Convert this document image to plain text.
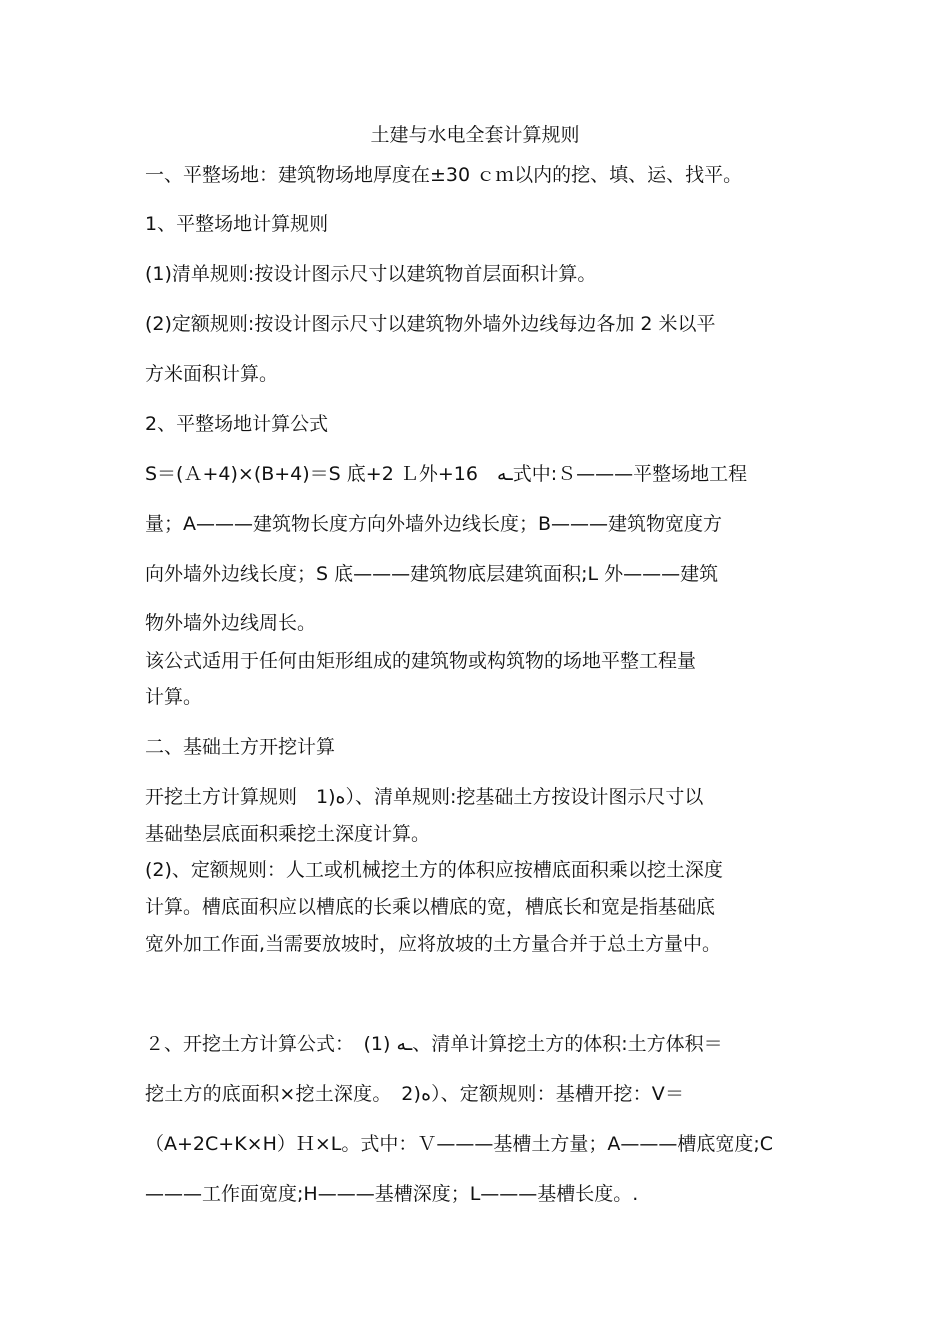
土建与水电全套计算规则
一、平整场地：建筑物场地厚度在±30 ｃｍ以内的挖、填、运、找平。
1、平整场地计算规则
(1)清单规则:按设计图示尺寸以建筑物首层面积计算。
(2)定额规则:按设计图示尺寸以建筑物外墙外边线每边各加 2 米以平
方米面积计算。
2、平整场地计算公式
S＝(Ａ+4)×(B+4)＝S 底+2 Ｌ外+16　ـه式中:Ｓ———平整场地工程
量；A———建筑物长度方向外墙外边线长度；B———建筑物宽度方
向外墙外边线长度；S 底———建筑物底层建筑面积;L 外———建筑
物外墙外边线周长。
该公式适用于任何由矩形组成的建筑物或构筑物的场地平整工程量
计算。
二、基础土方开挖计算
开挖土方计算规则　1)ه）、清单规则:挖基础土方按设计图示尺寸以
基础垫层底面积乘挖土深度计算。
(2)、定额规则：人工或机械挖土方的体积应按槽底面积乘以挖土深度
计算。槽底面积应以槽底的长乘以槽底的宽，槽底长和宽是指基础底
宽外加工作面,当需要放坡时，应将放坡的土方量合并于总土方量中。
２、开挖土方计算公式：　(1) ـه、清单计算挖土方的体积:土方体积＝
挖土方的底面积×挖土深度。　2)ه）、定额规则：基槽开挖：V＝
（A+2C+K×H）Ｈ×L。式中：Ｖ———基槽土方量；A———槽底宽度;C
———工作面宽度;H———基槽深度；L———基槽长度。.
